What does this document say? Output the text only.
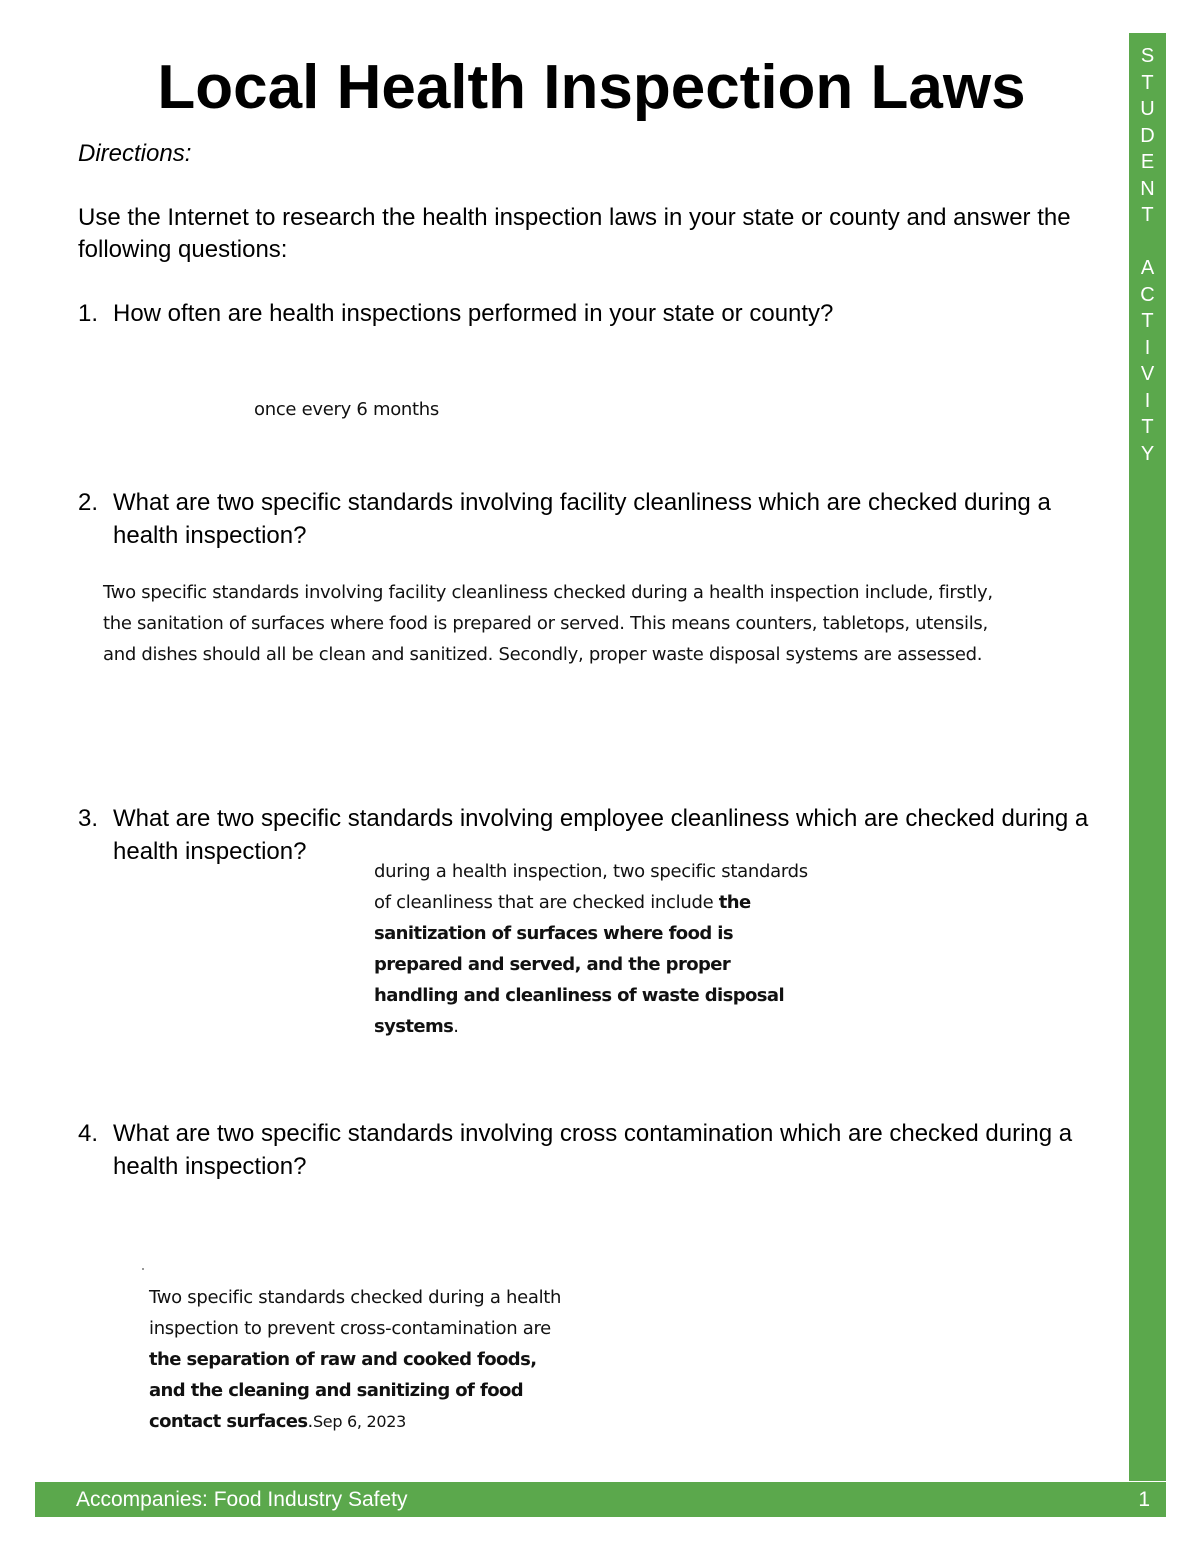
Local Health Inspection Laws
Directions:
Use the Internet to research the health inspection laws in your state or county and answer the following questions:
1. How often are health inspections performed in your state or county?
once every 6 months
2. What are two specific standards involving facility cleanliness which are checked during a health inspection?
Two specific standards involving facility cleanliness checked during a health inspection include, firstly, the sanitation of surfaces where food is prepared or served. This means counters, tabletops, utensils, and dishes should all be clean and sanitized. Secondly, proper waste disposal systems are assessed.
3. What are two specific standards involving employee cleanliness which are checked during a health inspection?
during a health inspection, two specific standards of cleanliness that are checked include the sanitization of surfaces where food is prepared and served, and the proper handling and cleanliness of waste disposal systems.
4. What are two specific standards involving cross contamination which are checked during a health inspection?
Two specific standards checked during a health inspection to prevent cross-contamination are the separation of raw and cooked foods, and the cleaning and sanitizing of food contact surfaces.Sep 6, 2023
S
T
U
D
E
N
T

A
C
T
I
V
I
T
Y
Accompanies: Food Industry Safety	1
